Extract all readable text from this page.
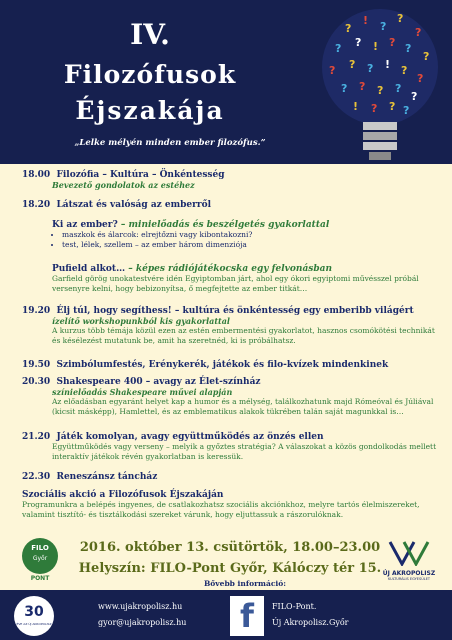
IV.
Filozófusok
Éjszakája
?
! ?
?
?
? ? ! ? ?
?
? ? ? ! ?
?
? ? ? ?
?
! ? ? ?
„Lelke mélyén minden ember filozófus.”
18.00 Filozófia – Kultúra – Önkéntesség
Bevezető gondolatok az estéhez
18.20 Látszat és valóság az emberről
Ki az ember? – minielőadás és beszélgetés gyakorlattal
• maszkok és álarcok: elrejtőzni vagy kibontakozni?
• test, lélek, szellem – az ember három dimenziója
Pufield alkot… – képes rádiójátékocska egy felvonásban
Garfield görög unokatestvére idén Egyiptomban járt, ahol egy ókori egyiptomi művésszel próbál versenyre kelni, hogy bebizonyítsa, ő megfejtette az ember titkát…
19.20 Élj túl, hogy segíthess! – kultúra és önkéntesség egy emberibb világért
ízelítő workshopunkból kis gyakorlattal
A kurzus több témája közül ezen az estén embermentési gyakorlatot, hasznos csomókötési technikát és késélezést mutatunk be, amit ha szeretnéd, ki is próbálhatsz.
19.50 Szimbólumfestés, Erénykerék, játékok és filo-kvízek mindenkinek
20.30 Shakespeare 400 – avagy az Élet-színház
színielőadás Shakespeare művei alapján
Az előadásban egyaránt helyet kap a humor és a mélység, találkozhatunk majd Rómeóval és Júliával (kicsit másképp), Hamlettel, és az emblematikus alakok tükrében talán saját magunkkal is…
21.20 Játék komolyan, avagy együttműködés az önzés ellen
Együttműködés vagy verseny – melyik a győztes stratégia? A válaszokat a közös gondolkodás mellett interaktív játékok révén gyakorlatban is keressük.
22.30 Reneszánsz táncház
Szociális akció a Filozófusok Éjszakáján
Programunkra a belépés ingyenes, de csatlakozhatsz szociális akciónkhoz, melyre tartós élelmiszereket, valamint tisztító- és tisztálkodási szereket várunk, hogy eljuttassuk a rászorulóknak.
FILO
Győr
PONT
2016. október 13. csütörtök, 18.00–23.00
Helyszín: FILO-Pont Győr, Kálóczy tér 15.
Bővebb információ:
ÚJ AKROPOLISZ
KULTURÁLIS EGYESÜLET
30
ÉVE AZ ÚJ AKROPOLISZ
www.ujakropolisz.hu
gyor@ujakropolisz.hu	f	FILO-Pont.
Új Akropolisz.Győr
